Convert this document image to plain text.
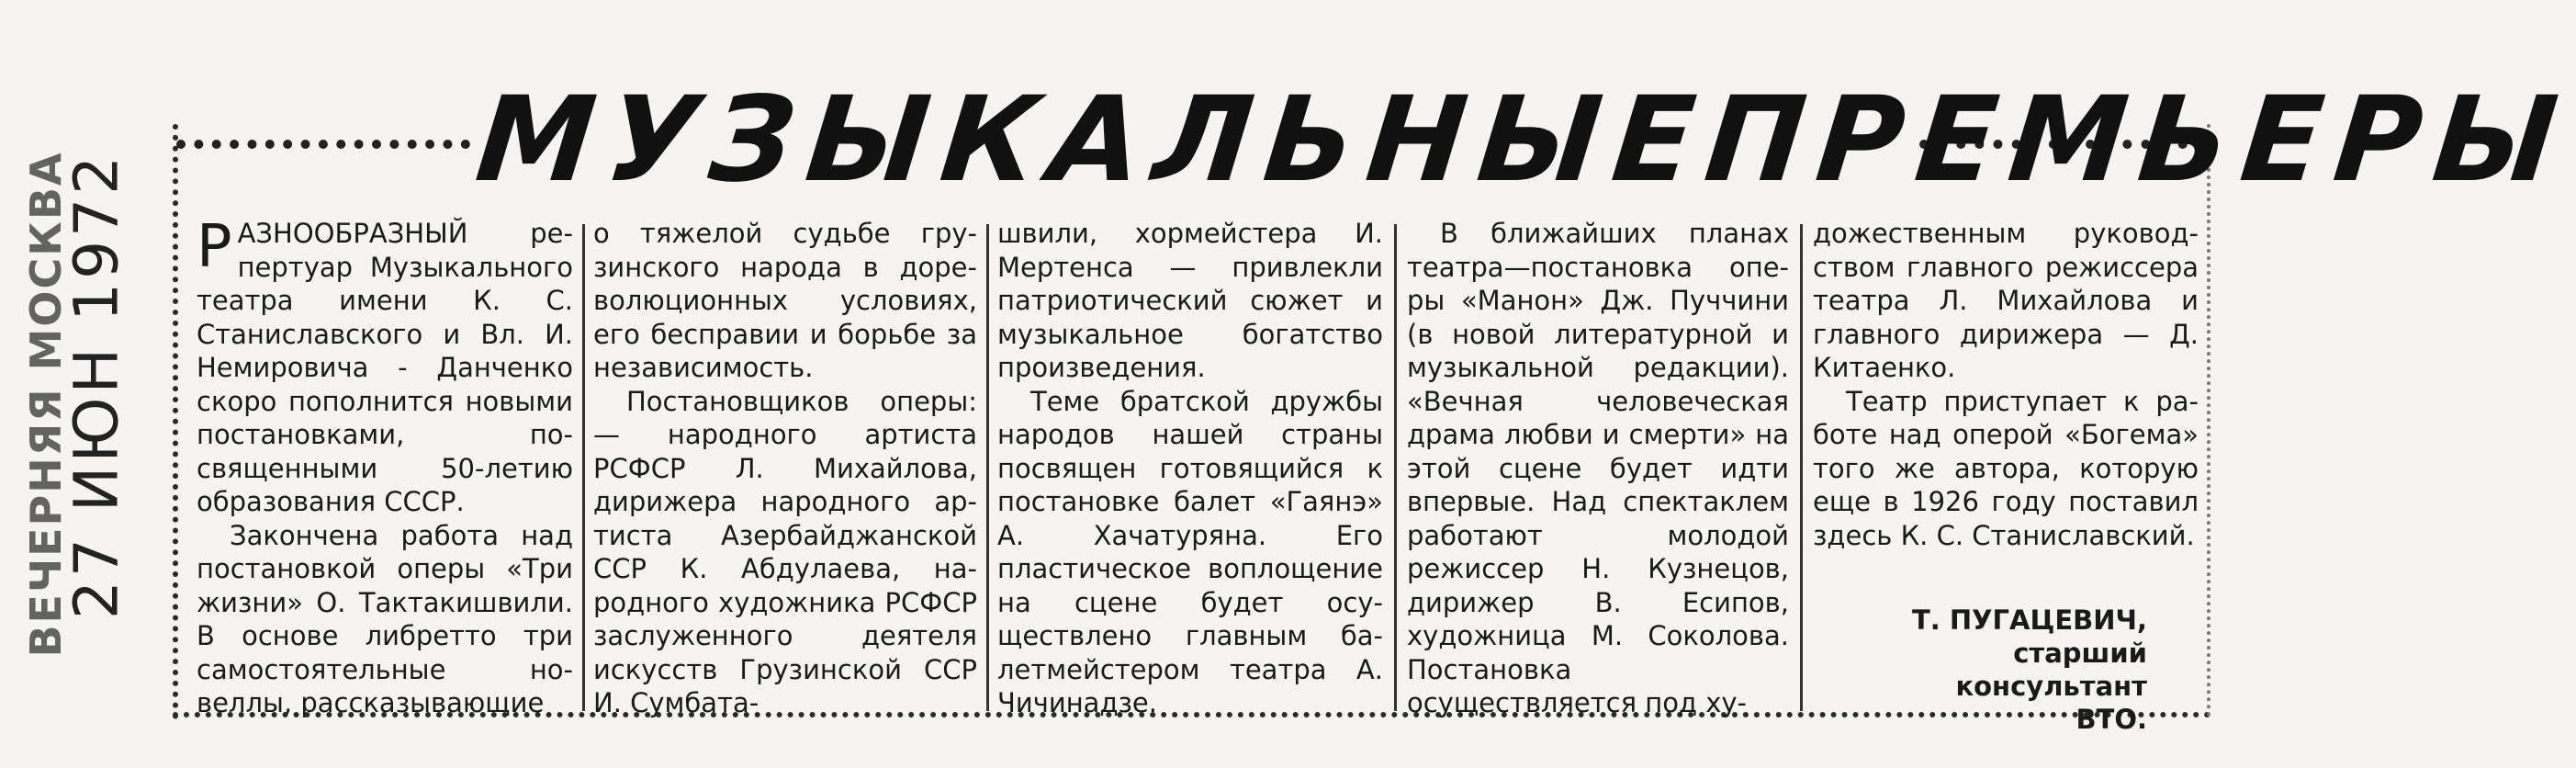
ВЕЧЕРНЯЯ МОСКВА
27 ИЮН 1972
МУЗЫКАЛЬНЫЕ
ПРЕМЬЕРЫ

РАЗНООБРАЗНЫЙ репертуар Музыкального театра имени К. С. Станиславского и Вл. И. Немировича - Данченко скоро пополнится новыми постановками, посвященными 50-летию образования СССР.

Закончена работа над постановкой оперы «Три жизни» О. Тактакишвили. В основе либретто три самостоятельные новеллы, рассказывающие

о тяжелой судьбе грузинского народа в дореволюционных условиях, его бесправии и борьбе за независимость.

Постановщиков оперы: — народного артиста РСФСР Л. Михайлова, дирижера народного артиста Азербайджанской ССР К. Абдулаева, народного художника РСФСР заслуженного деятеля искусств Грузинской ССР И. Сумбата-

швили, хормейстера И. Мертенса — привлекли патриотический сюжет и музыкальное богатство произведения.

Теме братской дружбы народов нашей страны посвящен готовящийся к постановке балет «Гаянэ» А. Хачатуряна. Его пластическое воплощение на сцене будет осуществлено главным балетмейстером театра А. Чичинадзе.

В ближайших планах театра—постановка оперы «Манон» Дж. Пуччини (в новой литературной и музыкальной редакции). «Вечная человеческая драма любви и смерти» на этой сцене будет идти впервые. Над спектаклем работают молодой режиссер Н. Кузнецов, дирижер В. Есипов, художница М. Соколова. Постановка осуществляется под ху-

дожественным руководством главного режиссера театра Л. Михайлова и главного дирижера — Д. Китаенко.

Театр приступает к работе над оперой «Богема» того же автора, которую еще в 1926 году поставил здесь К. С. Станиславский.

Т. ПУГАЦЕВИЧ,
старший консультант
ВТО.
